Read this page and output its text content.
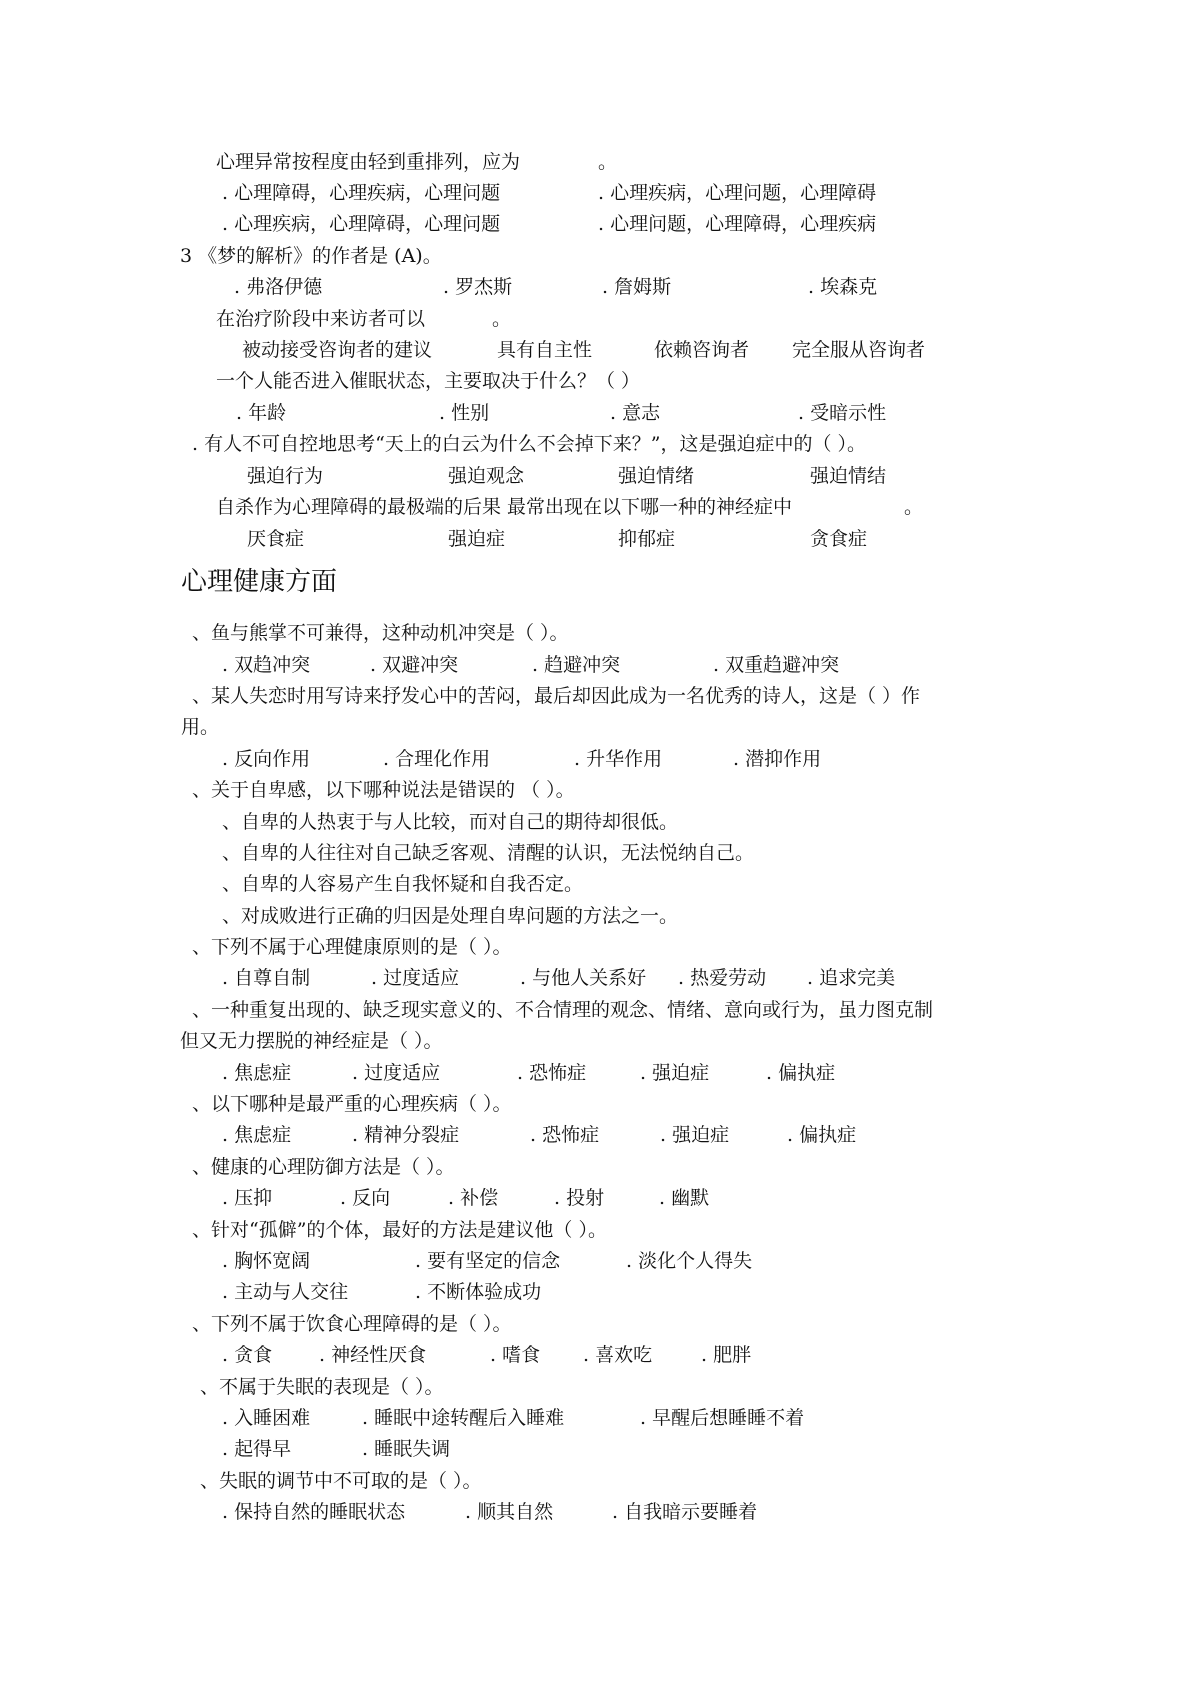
心理异常按程度由轻到重排列，应为	。
. 心理障碍，心理疾病，心理问题	. 心理疾病，心理问题，心理障碍
. 心理疾病，心理障碍，心理问题	. 心理问题，心理障碍，心理疾病
3 《梦的解析》的作者是 (A)。
. 弗洛伊德	. 罗杰斯	. 詹姆斯	. 埃森克
在治疗阶段中来访者可以	。
被动接受咨询者的建议	具有自主性	依赖咨询者 完全服从咨询者
一个人能否进入催眠状态，主要取决于什么？（ ）
. 年龄	. 性别	. 意志	. 受暗示性
. 有人不可自控地思考“天上的白云为什么不会掉下来？”，这是强迫症中的（ ）。
强迫行为	强迫观念	强迫情绪	强迫情结
自杀作为心理障碍的最极端的后果 最常出现在以下哪一种的神经症中	。
厌食症	强迫症	抑郁症	贪食症
心理健康方面
、鱼与熊掌不可兼得，这种动机冲突是（ ）。
. 双趋冲突	. 双避冲突	. 趋避冲突	. 双重趋避冲突
、某人失恋时用写诗来抒发心中的苦闷，最后却因此成为一名优秀的诗人，这是（ ）作
用。
. 反向作用	. 合理化作用	. 升华作用	. 潜抑作用
、关于自卑感，以下哪种说法是错误的 （ ）。
、自卑的人热衷于与人比较，而对自己的期待却很低。
、自卑的人往往对自己缺乏客观、清醒的认识，无法悦纳自己。
、自卑的人容易产生自我怀疑和自我否定。
、对成败进行正确的归因是处理自卑问题的方法之一。
、下列不属于心理健康原则的是（ ）。
. 自尊自制	. 过度适应	. 与他人关系好 . 热爱劳动 . 追求完美
、一种重复出现的、缺乏现实意义的、不合情理的观念、情绪、意向或行为，虽力图克制
但又无力摆脱的神经症是（ ）。
. 焦虑症	. 过度适应	. 恐怖症	. 强迫症	. 偏执症
、以下哪种是最严重的心理疾病（ ）。
. 焦虑症	. 精神分裂症	. 恐怖症	. 强迫症	. 偏执症
、健康的心理防御方法是（ ）。
. 压抑	. 反向	. 补偿	. 投射	. 幽默
、针对“孤僻”的个体，最好的方法是建议他（ ）。
. 胸怀宽阔	. 要有坚定的信念	. 淡化个人得失
. 主动与人交往	. 不断体验成功
、下列不属于饮食心理障碍的是（ ）。
. 贪食 . 神经性厌食	. 嗜食 . 喜欢吃	. 肥胖
、不属于失眠的表现是（ ）。
. 入睡困难	. 睡眠中途转醒后入睡难	. 早醒后想睡睡不着
. 起得早	. 睡眠失调
、失眠的调节中不可取的是（ ）。
. 保持自然的睡眠状态	. 顺其自然	. 自我暗示要睡着
